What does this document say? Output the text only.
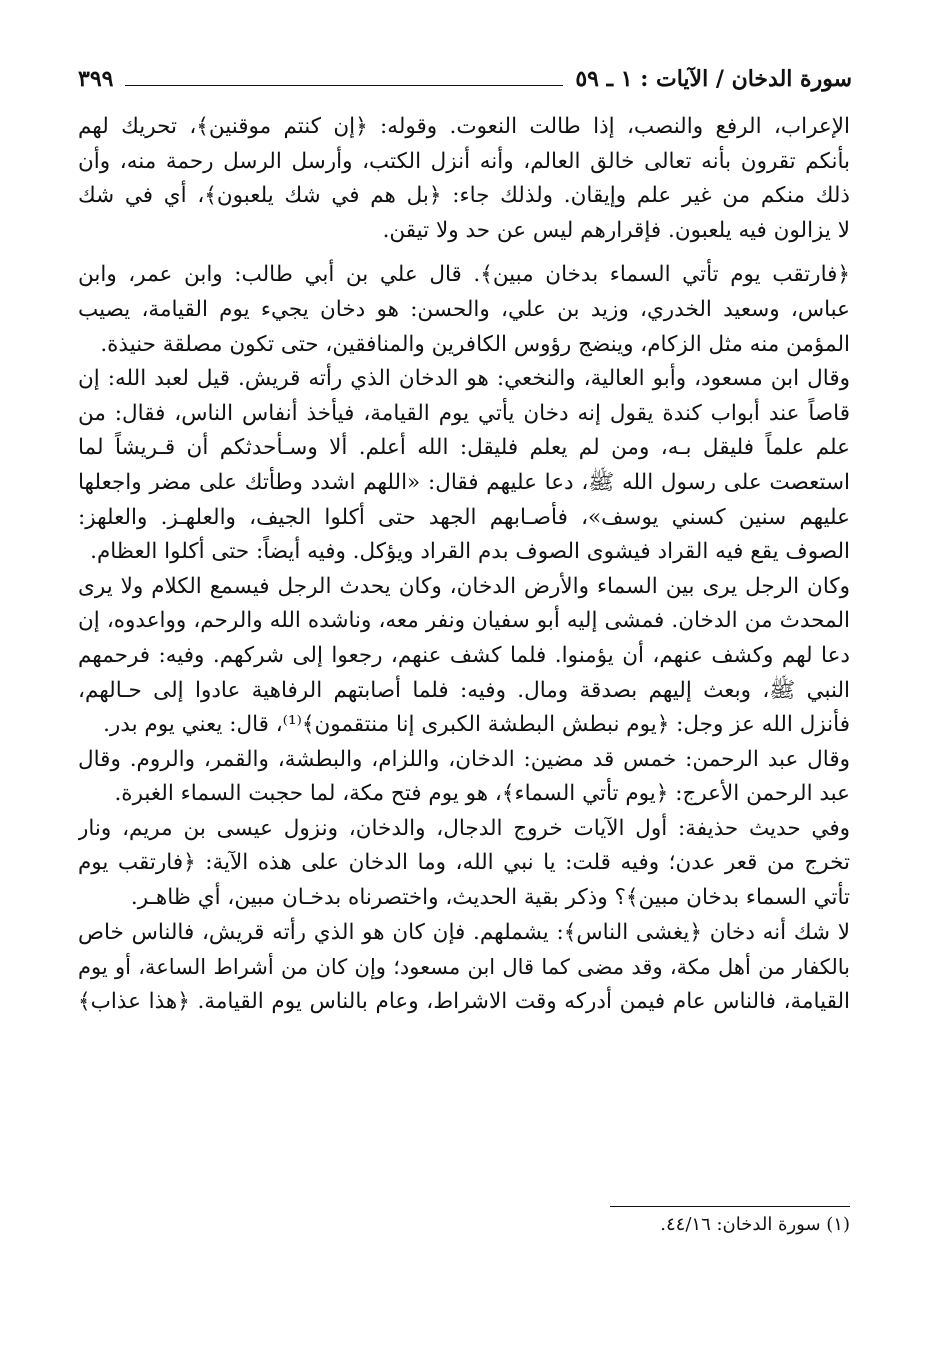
سورة الدخان / الآيات : ١ ـ ٥٩
٣٩٩

الإعراب، الرفع والنصب، إذا طالت النعوت. وقوله: ﴿إن كنتم موقنين﴾، تحريك لهم
بأنكم تقرون بأنه تعالى خالق العالم، وأنه أنزل الكتب، وأرسل الرسل رحمة منه، وأن
ذلك منكم من غير علم وإيقان. ولذلك جاء: ﴿بل هم في شك يلعبون﴾، أي في شك
لا يزالون فيه يلعبون. فإقرارهم ليس عن حد ولا تيقن.

﴿فارتقب يوم تأتي السماء بدخان مبين﴾. قال علي بن أبي طالب: وابن عمر، وابن
عباس، وسعيد الخدري، وزيد بن علي، والحسن: هو دخان يجيء يوم القيامة، يصيب
المؤمن منه مثل الزكام، وينضج رؤوس الكافرين والمنافقين، حتى تكون مصلقة حنيذة.
وقال ابن مسعود، وأبو العالية، والنخعي: هو الدخان الذي رأته قريش. قيل لعبد الله: إن
قاصاً عند أبواب كندة يقول إنه دخان يأتي يوم القيامة، فيأخذ أنفاس الناس، فقال: من
علم علماً فليقل بـه، ومن لم يعلم فليقل: الله أعلم. ألا وسـأحدثكم أن قـريشاً لما
استعصت على رسول الله ﷺ، دعا عليهم فقال: «اللهم اشدد وطأتك على مضر واجعلها
عليهم سنين كسني يوسف»، فأصـابهم الجهد حتى أكلوا الجيف، والعلهـز. والعلهز:
الصوف يقع فيه القراد فيشوى الصوف بدم القراد ويؤكل. وفيه أيضاً: حتى أكلوا العظام.
وكان الرجل يرى بين السماء والأرض الدخان، وكان يحدث الرجل فيسمع الكلام ولا يرى
المحدث من الدخان. فمشى إليه أبو سفيان ونفر معه، وناشده الله والرحم، وواعدوه، إن
دعا لهم وكشف عنهم، أن يؤمنوا. فلما كشف عنهم، رجعوا إلى شركهم. وفيه: فرحمهم
النبي ﷺ، وبعث إليهم بصدقة ومال. وفيه: فلما أصابتهم الرفاهية عادوا إلى حـالهم،
فأنزل الله عز وجل: ﴿يوم نبطش البطشة الكبرى إنا منتقمون﴾⁽¹⁾، قال: يعني يوم بدر.
وقال عبد الرحمن: خمس قد مضين: الدخان، واللزام، والبطشة، والقمر، والروم. وقال
عبد الرحمن الأعرج: ﴿يوم تأتي السماء﴾، هو يوم فتح مكة، لما حجبت السماء الغبرة.
وفي حديث حذيفة: أول الآيات خروج الدجال، والدخان، ونزول عيسى بن مريم، ونار
تخرج من قعر عدن؛ وفيه قلت: يا نبي الله، وما الدخان على هذه الآية: ﴿فارتقب يوم
تأتي السماء بدخان مبين﴾؟ وذكر بقية الحديث، واختصرناه بدخـان مبين، أي ظاهـر.
لا شك أنه دخان ﴿يغشى الناس﴾: يشملهم. فإن كان هو الذي رأته قريش، فالناس خاص
بالكفار من أهل مكة، وقد مضى كما قال ابن مسعود؛ وإن كان من أشراط الساعة، أو يوم
القيامة، فالناس عام فيمن أدركه وقت الاشراط، وعام بالناس يوم القيامة. ﴿هذا عذاب﴾

(١) سورة الدخان: ٤٤/١٦.
